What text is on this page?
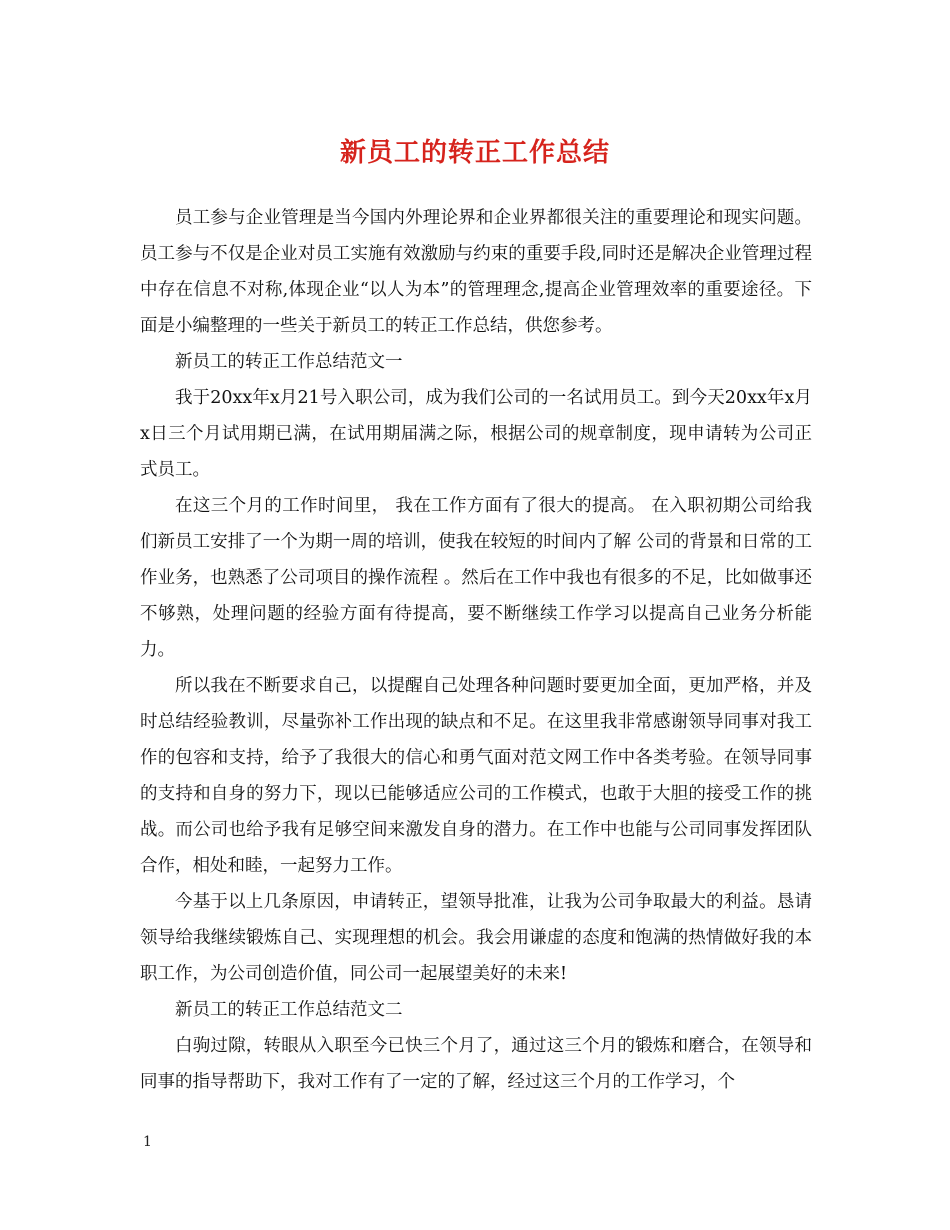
新员工的转正工作总结

员工参与企业管理是当今国内外理论界和企业界都很关注的重要理论和现实问题。员工参与不仅是企业对员工实施有效激励与约束的重要手段,同时还是解决企业管理过程中存在信息不对称,体现企业“以人为本”的管理理念,提高企业管理效率的重要途径。下面是小编整理的一些关于新员工的转正工作总结，供您参考。

新员工的转正工作总结范文一

我于20xx年x月21号入职公司，成为我们公司的一名试用员工。到今天20xx年x月x日三个月试用期已满，在试用期届满之际，根据公司的规章制度，现申请转为公司正式员工。

在这三个月的工作时间里， 我在工作方面有了很大的提高。 在入职初期公司给我们新员工安排了一个为期一周的培训，使我在较短的时间内了解 公司的背景和日常的工作业务，也熟悉了公司项目的操作流程 。然后在工作中我也有很多的不足，比如做事还不够熟，处理问题的经验方面有待提高，要不断继续工作学习以提高自己业务分析能力。

所以我在不断要求自己，以提醒自己处理各种问题时要更加全面，更加严格，并及时总结经验教训，尽量弥补工作出现的缺点和不足。在这里我非常感谢领导同事对我工作的包容和支持，给予了我很大的信心和勇气面对范文网工作中各类考验。在领导同事的支持和自身的努力下，现以已能够适应公司的工作模式，也敢于大胆的接受工作的挑战。而公司也给予我有足够空间来激发自身的潜力。在工作中也能与公司同事发挥团队合作，相处和睦，一起努力工作。

今基于以上几条原因，申请转正，望领导批准，让我为公司争取最大的利益。恳请领导给我继续锻炼自己、实现理想的机会。我会用谦虚的态度和饱满的热情做好我的本职工作，为公司创造价值，同公司一起展望美好的未来!

新员工的转正工作总结范文二

白驹过隙，转眼从入职至今已快三个月了，通过这三个月的锻炼和磨合，在领导和同事的指导帮助下，我对工作有了一定的了解，经过这三个月的工作学习，个

1
